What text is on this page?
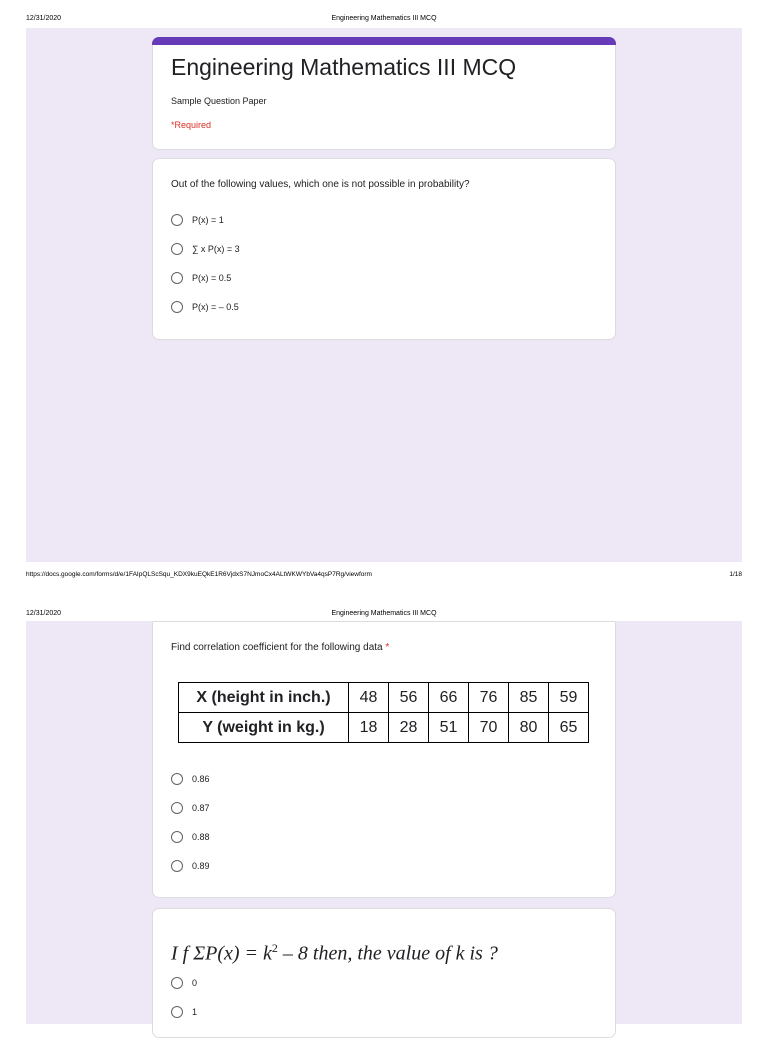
12/31/2020	Engineering Mathematics III MCQ
Engineering Mathematics III MCQ
Sample Question Paper
*Required
Out of the following values, which one is not possible in probability?
P(x) = 1
∑ x P(x) = 3
P(x) = 0.5
P(x) = – 0.5
https://docs.google.com/forms/d/e/1FAIpQLScSqu_KDX9kuEQkE1R6VjdxS7NJmoCx4ALtWKWYbVa4qsP7Rg/viewform	1/18
12/31/2020	Engineering Mathematics III MCQ
Find correlation coefficient for the following data *
X (height in inch.)	48	56	66	76	85	59
Y (weight in kg.)	18	28	51	70	80	65
0.86
0.87
0.88
0.89
I f $\Sigma P(x) = k^2 - 8$ then, the value of k is ?
0
1
